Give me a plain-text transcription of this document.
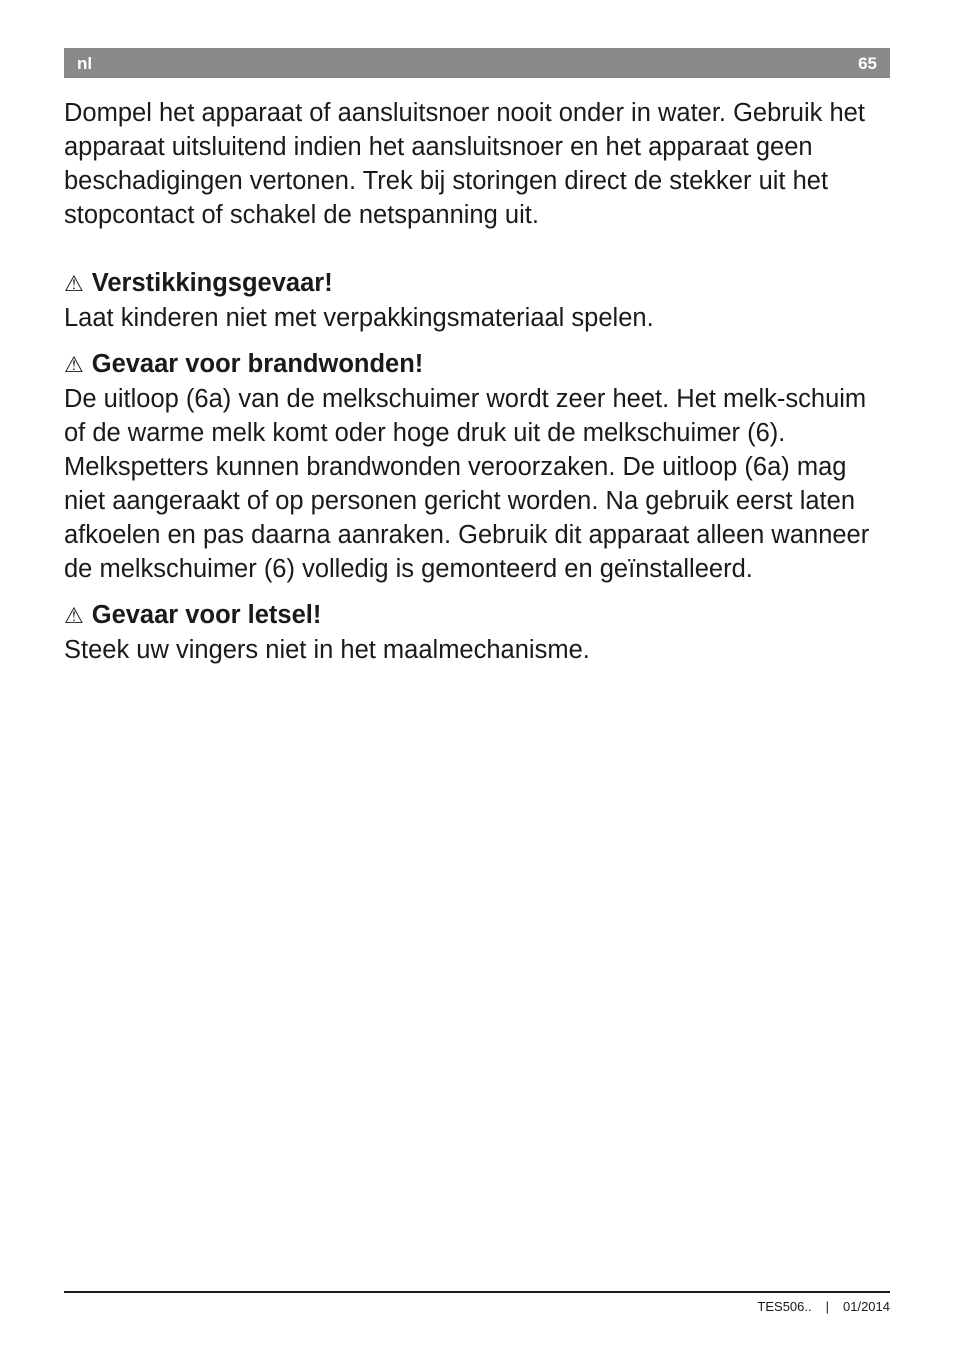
nl	65

Dompel het apparaat of aansluitsnoer nooit onder in water. Gebruik het apparaat uitsluitend indien het aansluitsnoer en het apparaat geen beschadigingen vertonen. Trek bij storingen direct de stekker uit het stopcontact of schakel de netspanning uit.

⚠ Verstikkingsgevaar!

Laat kinderen niet met verpakkingsmateriaal spelen.

⚠ Gevaar voor brandwonden!

De uitloop (6a) van de melkschuimer wordt zeer heet. Het melk-schuim of de warme melk komt oder hoge druk uit de melkschuimer (6). Melkspetters kunnen brandwonden veroorzaken. De uitloop (6a) mag niet aangeraakt of op personen gericht worden. Na gebruik eerst laten afkoelen en pas daarna aanraken. Gebruik dit apparaat alleen wanneer de melkschuimer (6) volledig is gemonteerd en geïnstalleerd.

⚠ Gevaar voor letsel!

Steek uw vingers niet in het maalmechanisme.

TES506.. | 01/2014
